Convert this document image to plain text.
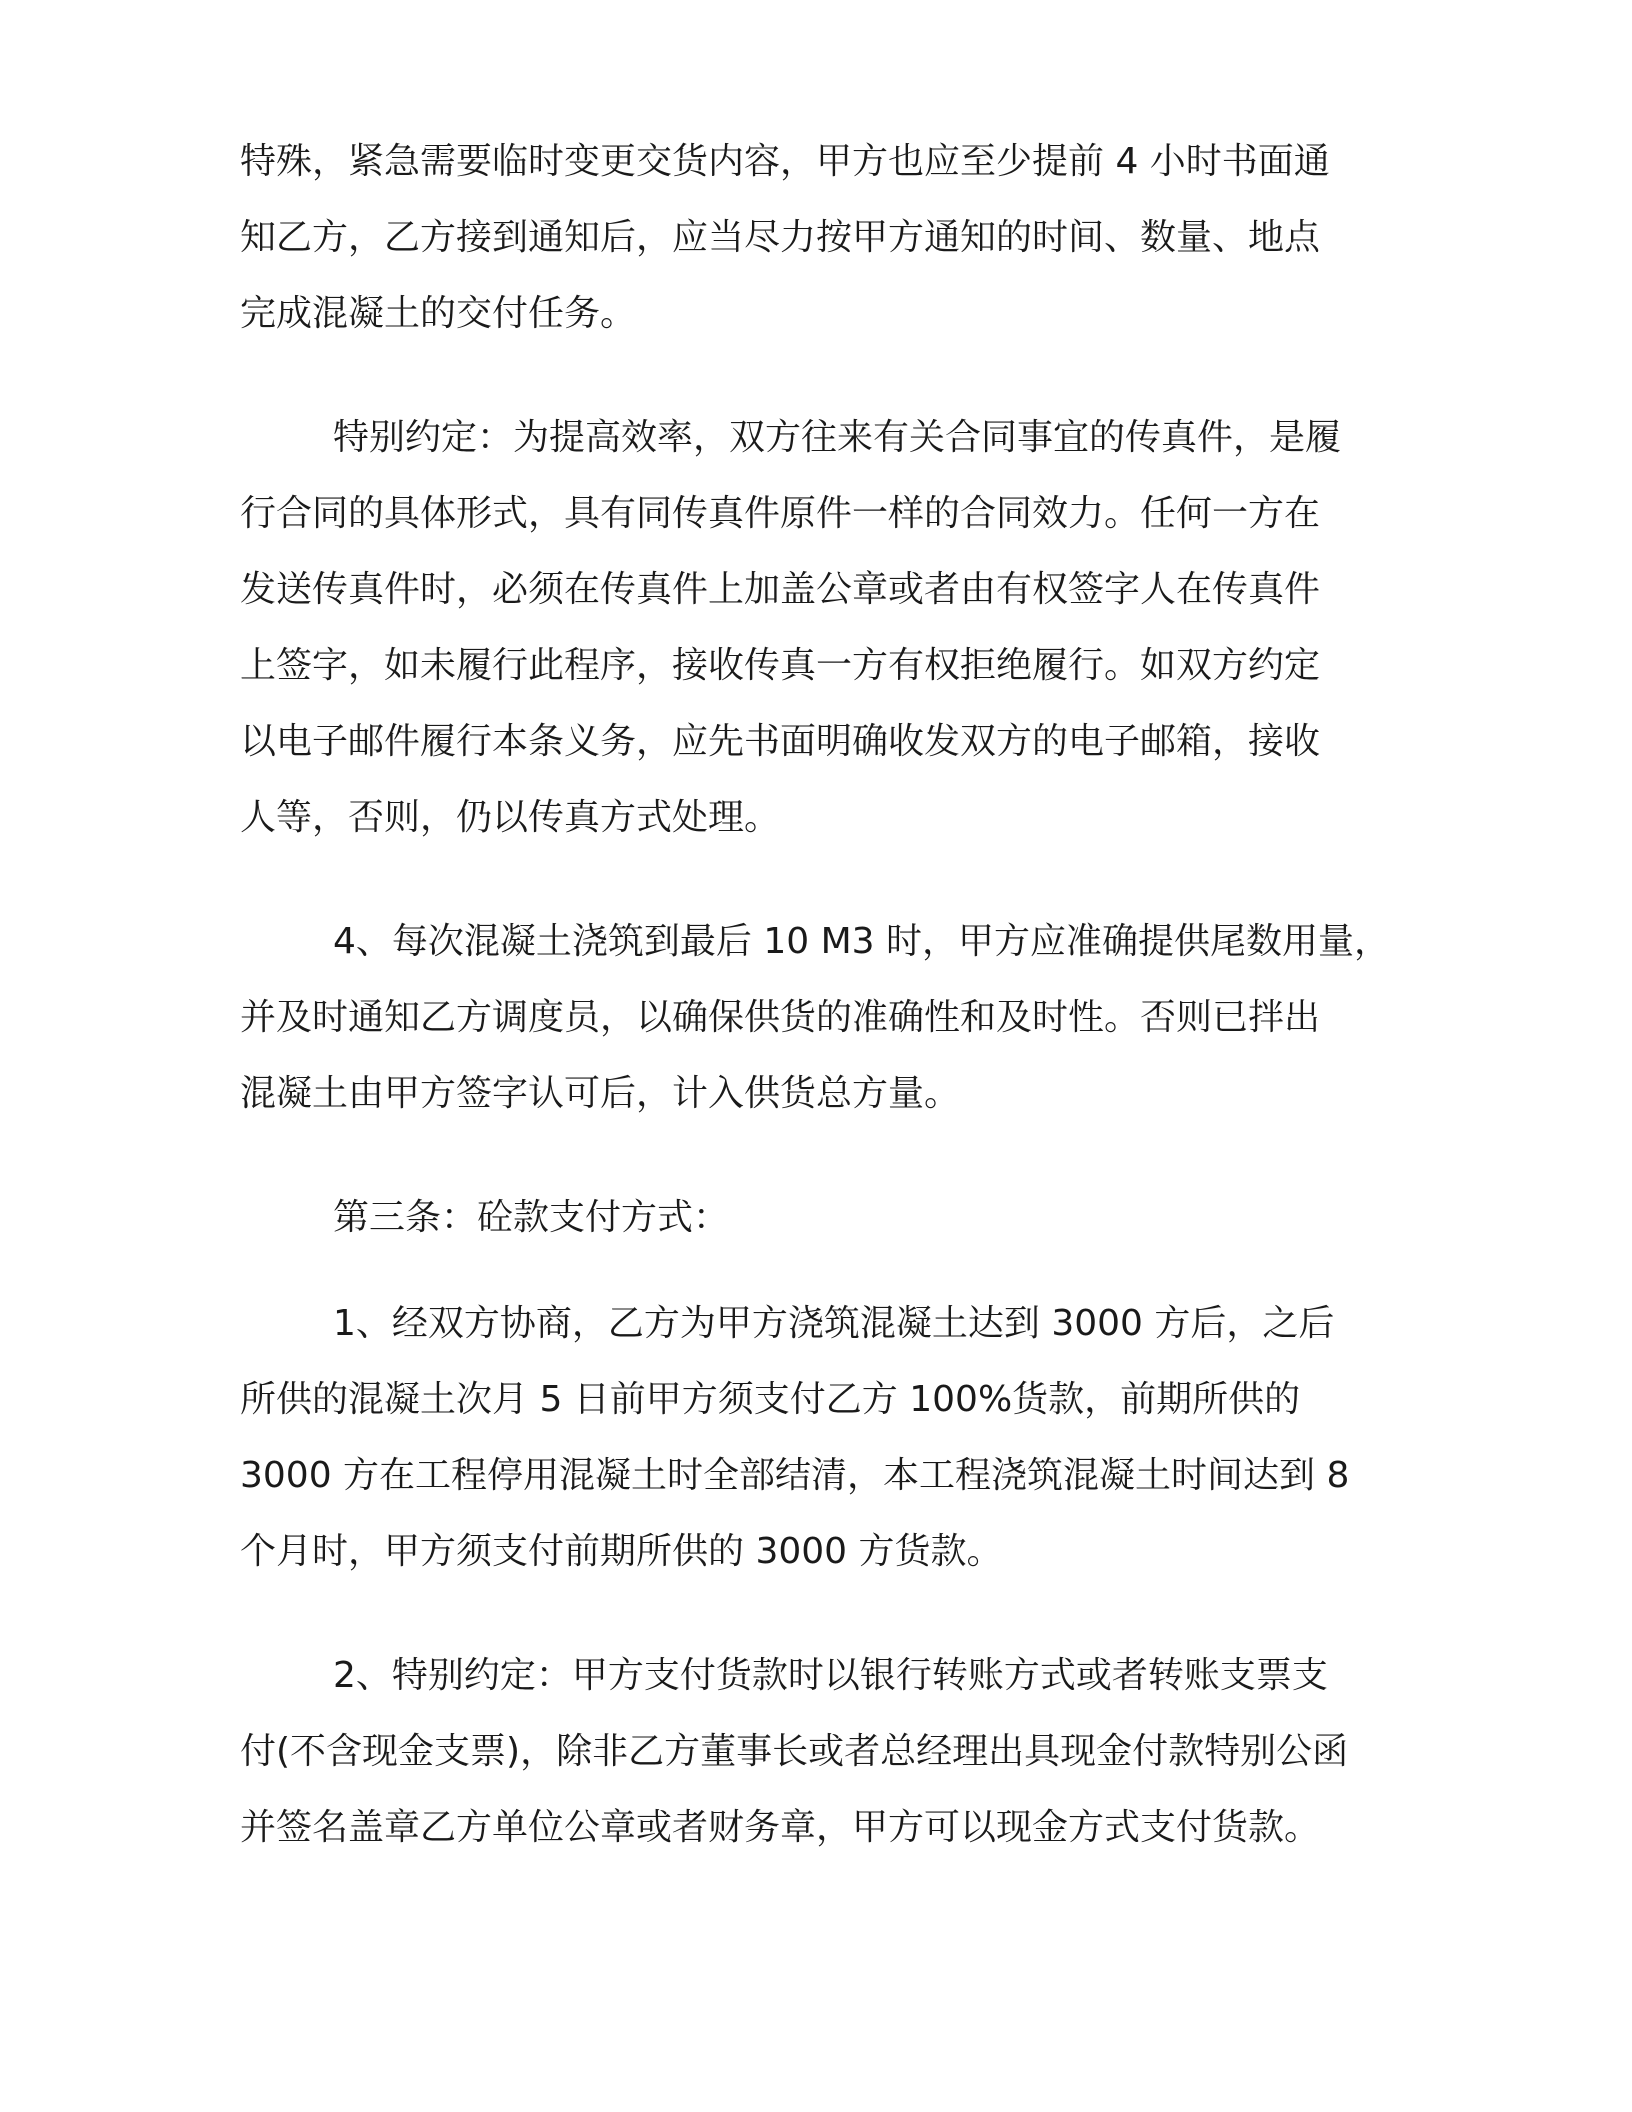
特殊，紧急需要临时变更交货内容，甲方也应至少提前 4 小时书面通
知乙方，乙方接到通知后，应当尽力按甲方通知的时间、数量、地点
完成混凝土的交付任务。
特别约定：为提高效率，双方往来有关合同事宜的传真件，是履
行合同的具体形式，具有同传真件原件一样的合同效力。任何一方在
发送传真件时，必须在传真件上加盖公章或者由有权签字人在传真件
上签字，如未履行此程序，接收传真一方有权拒绝履行。如双方约定
以电子邮件履行本条义务，应先书面明确收发双方的电子邮箱，接收
人等，否则，仍以传真方式处理。
4、每次混凝土浇筑到最后 10 M3 时，甲方应准确提供尾数用量，
并及时通知乙方调度员，以确保供货的准确性和及时性。否则已拌出
混凝土由甲方签字认可后，计入供货总方量。
第三条：砼款支付方式：
1、经双方协商，乙方为甲方浇筑混凝土达到 3000 方后，之后
所供的混凝土次月 5 日前甲方须支付乙方 100%货款，前期所供的
3000 方在工程停用混凝土时全部结清，本工程浇筑混凝土时间达到 8
个月时，甲方须支付前期所供的 3000 方货款。
2、特别约定：甲方支付货款时以银行转账方式或者转账支票支
付(不含现金支票)，除非乙方董事长或者总经理出具现金付款特别公函
并签名盖章乙方单位公章或者财务章，甲方可以现金方式支付货款。
